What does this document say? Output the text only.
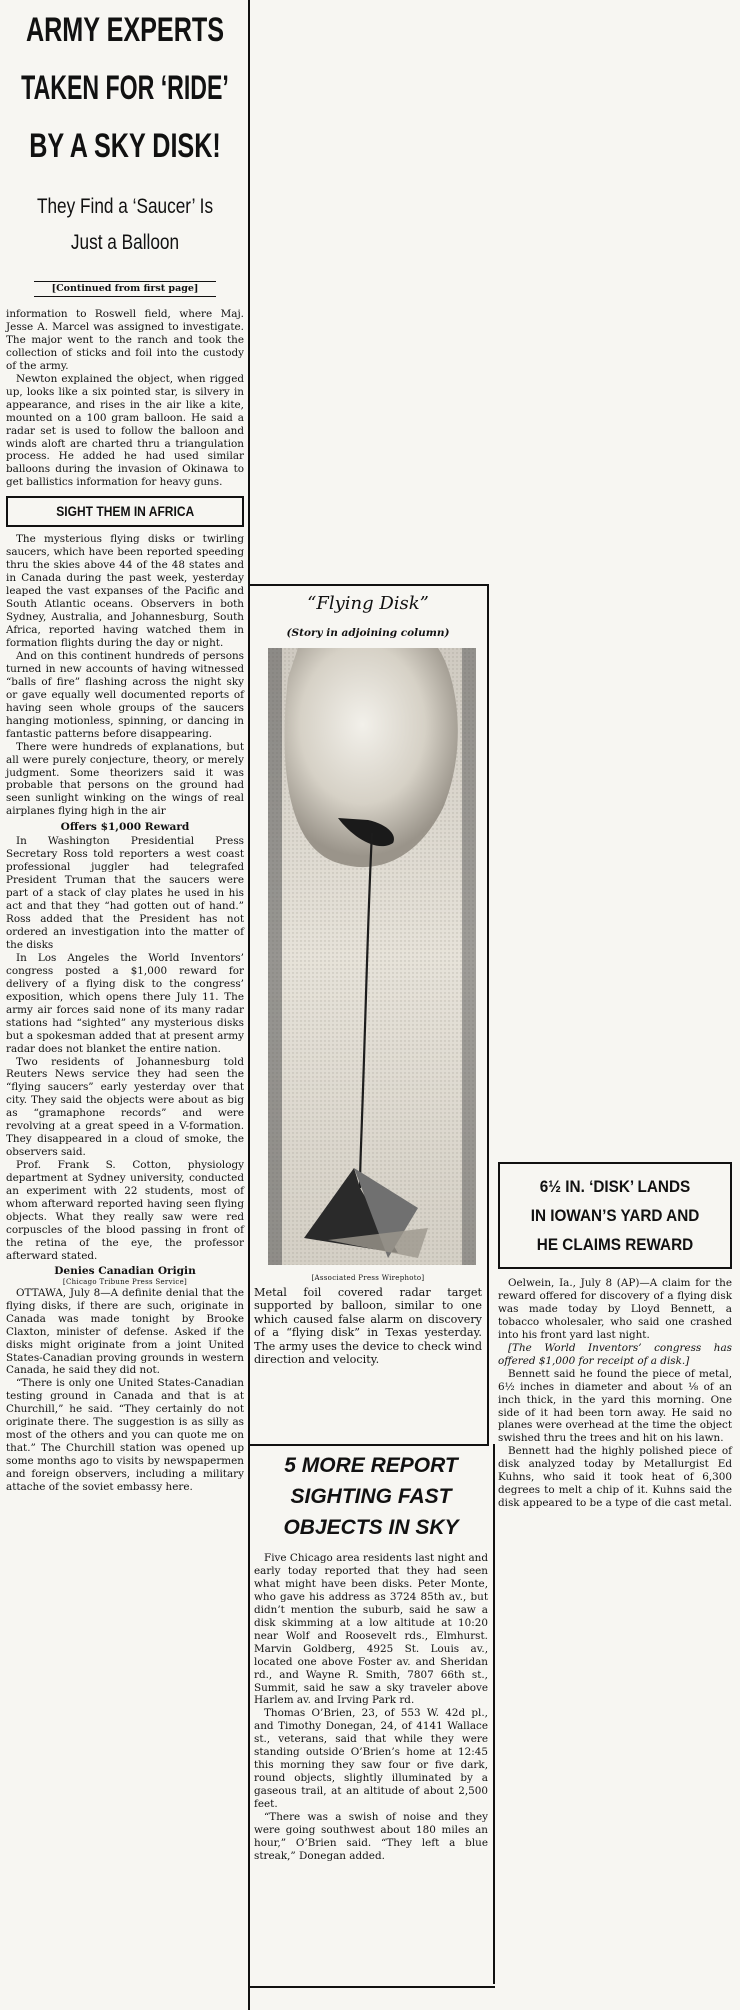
ARMY EXPERTS
TAKEN FOR ‘RIDE’
BY A SKY DISK!
They Find a ‘Saucer’ Is
Just a Balloon
[Continued from first page]

information to Roswell field, where Maj. Jesse A. Marcel was assigned to investigate. The major went to the ranch and took the collection of sticks and foil into the custody of the army.

Newton explained the object, when rigged up, looks like a six pointed star, is silvery in appearance, and rises in the air like a kite, mounted on a 100 gram balloon. He said a radar set is used to follow the balloon and winds aloft are charted thru a triangulation process. He added he had used similar balloons during the invasion of Okinawa to get ballistics information for heavy guns.

SIGHT THEM IN AFRICA

The mysterious flying disks or twirling saucers, which have been reported speeding thru the skies above 44 of the 48 states and in Canada during the past week, yesterday leaped the vast expanses of the Pacific and South Atlantic oceans. Observers in both Sydney, Australia, and Johannesburg, South Africa, reported having watched them in formation flights during the day or night.

And on this continent hundreds of persons turned in new accounts of having witnessed “balls of fire” flashing across the night sky or gave equally well documented reports of having seen whole groups of the saucers hanging motionless, spinning, or dancing in fantastic patterns before disappearing.

There were hundreds of explanations, but all were purely conjecture, theory, or merely judgment. Some theorizers said it was probable that persons on the ground had seen sunlight winking on the wings of real airplanes flying high in the air

Offers $1,000 Reward

In Washington Presidential Press Secretary Ross told reporters a west coast professional juggler had telegrafed President Truman that the saucers were part of a stack of clay plates he used in his act and that they “had gotten out of hand.” Ross added that the President has not ordered an investigation into the matter of the disks

In Los Angeles the World Inventors’ congress posted a $1,000 reward for delivery of a flying disk to the congress’ exposition, which opens there July 11. The army air forces said none of its many radar stations had “sighted” any mysterious disks but a spokesman added that at present army radar does not blanket the entire nation.

Two residents of Johannesburg told Reuters News service they had seen the “flying saucers” early yesterday over that city. They said the objects were about as big as “gramaphone records” and were revolving at a great speed in a V-formation. They disappeared in a cloud of smoke, the observers said.

Prof. Frank S. Cotton, physiology department at Sydney university, conducted an experiment with 22 students, most of whom afterward reported having seen flying objects. What they really saw were red corpuscles of the blood passing in front of the retina of the eye, the professor afterward stated.

Denies Canadian Origin
[Chicago Tribune Press Service]

OTTAWA, July 8—A definite denial that the flying disks, if there are such, originate in Canada was made tonight by Brooke Claxton, minister of defense. Asked if the disks might originate from a joint United States-Canadian proving grounds in western Canada, he said they did not.

“There is only one United States-Canadian testing ground in Canada and that is at Churchill,” he said. “They certainly do not originate there. The suggestion is as silly as most of the others and you can quote me on that.” The Churchill station was opened up some months ago to visits by newspapermen and foreign observers, including a military attache of the soviet embassy here.

“Flying Disk”
(Story in adjoining column)
[Associated Press Wirephoto]

Metal foil covered radar target supported by balloon, similar to one which caused false alarm on discovery of a “flying disk” in Texas yesterday. The army uses the device to check wind direction and velocity.

5 MORE REPORT
SIGHTING FAST
OBJECTS IN SKY

Five Chicago area residents last night and early today reported that they had seen what might have been disks. Peter Monte, who gave his address as 3724 85th av., but didn’t mention the suburb, said he saw a disk skimming at a low altitude at 10:20 near Wolf and Roosevelt rds., Elmhurst. Marvin Goldberg, 4925 St. Louis av., located one above Foster av. and Sheridan rd., and Wayne R. Smith, 7807 66th st., Summit, said he saw a sky traveler above Harlem av. and Irving Park rd.

Thomas O’Brien, 23, of 553 W. 42d pl., and Timothy Donegan, 24, of 4141 Wallace st., veterans, said that while they were standing outside O’Brien’s home at 12:45 this morning they saw four or five dark, round objects, slightly illuminated by a gaseous trail, at an altitude of about 2,500 feet.

“There was a swish of noise and they were going southwest about 180 miles an hour,” O’Brien said. “They left a blue streak,” Donegan added.

6½ IN. ‘DISK’ LANDS
IN IOWAN’S YARD AND
HE CLAIMS REWARD

Oelwein, Ia., July 8 (AP)—A claim for the reward offered for discovery of a flying disk was made today by Lloyd Bennett, a tobacco wholesaler, who said one crashed into his front yard last night.

[The World Inventors’ congress has offered $1,000 for receipt of a disk.]

Bennett said he found the piece of metal, 6½ inches in diameter and about ⅛ of an inch thick, in the yard this morning. One side of it had been torn away. He said no planes were overhead at the time the object swished thru the trees and hit on his lawn.

Bennett had the highly polished piece of disk analyzed today by Metallurgist Ed Kuhns, who said it took heat of 6,300 degrees to melt a chip of it. Kuhns said the disk appeared to be a type of die cast metal.
